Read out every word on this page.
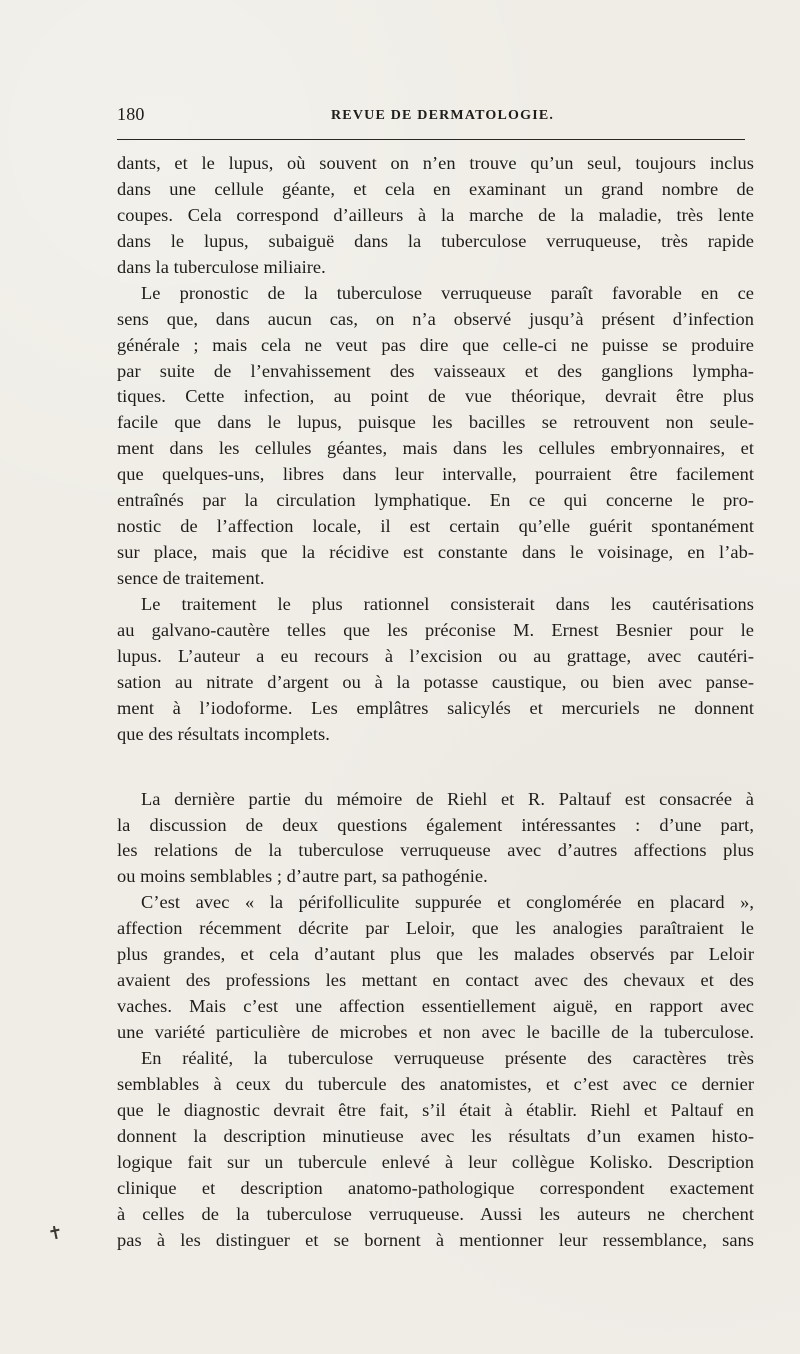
180	REVUE DE DERMATOLOGIE.
dants, et le lupus, où souvent on n’en trouve qu’un seul, toujours inclus
dans une cellule géante, et cela en examinant un grand nombre de
coupes. Cela correspond d’ailleurs à la marche de la maladie, très lente
dans le lupus, subaiguë dans la tuberculose verruqueuse, très rapide
dans la tuberculose miliaire.
Le pronostic de la tuberculose verruqueuse paraît favorable en ce
sens que, dans aucun cas, on n’a observé jusqu’à présent d’infection
générale ; mais cela ne veut pas dire que celle-ci ne puisse se produire
par suite de l’envahissement des vaisseaux et des ganglions lympha-
tiques. Cette infection, au point de vue théorique, devrait être plus
facile que dans le lupus, puisque les bacilles se retrouvent non seule-
ment dans les cellules géantes, mais dans les cellules embryonnaires, et
que quelques-uns, libres dans leur intervalle, pourraient être facilement
entraînés par la circulation lymphatique. En ce qui concerne le pro-
nostic de l’affection locale, il est certain qu’elle guérit spontanément
sur place, mais que la récidive est constante dans le voisinage, en l’ab-
sence de traitement.
Le traitement le plus rationnel consisterait dans les cautérisations
au galvano-cautère telles que les préconise M. Ernest Besnier pour le
lupus. L’auteur a eu recours à l’excision ou au grattage, avec cautéri-
sation au nitrate d’argent ou à la potasse caustique, ou bien avec panse-
ment à l’iodoforme. Les emplâtres salicylés et mercuriels ne donnent
que des résultats incomplets.
La dernière partie du mémoire de Riehl et R. Paltauf est consacrée à
la discussion de deux questions également intéressantes : d’une part,
les relations de la tuberculose verruqueuse avec d’autres affections plus
ou moins semblables ; d’autre part, sa pathogénie.
C’est avec « la périfolliculite suppurée et conglomérée en placard »,
affection récemment décrite par Leloir, que les analogies paraîtraient le
plus grandes, et cela d’autant plus que les malades observés par Leloir
avaient des professions les mettant en contact avec des chevaux et des
vaches. Mais c’est une affection essentiellement aiguë, en rapport avec
une variété particulière de microbes et non avec le bacille de la tuberculose.
En réalité, la tuberculose verruqueuse présente des caractères très
semblables à ceux du tubercule des anatomistes, et c’est avec ce dernier
que le diagnostic devrait être fait, s’il était à établir. Riehl et Paltauf en
donnent la description minutieuse avec les résultats d’un examen histo-
logique fait sur un tubercule enlevé à leur collègue Kolisko. Description
clinique et description anatomo-pathologique correspondent exactement
à celles de la tuberculose verruqueuse. Aussi les auteurs ne cherchent
pas à les distinguer et se bornent à mentionner leur ressemblance, sans
✝
